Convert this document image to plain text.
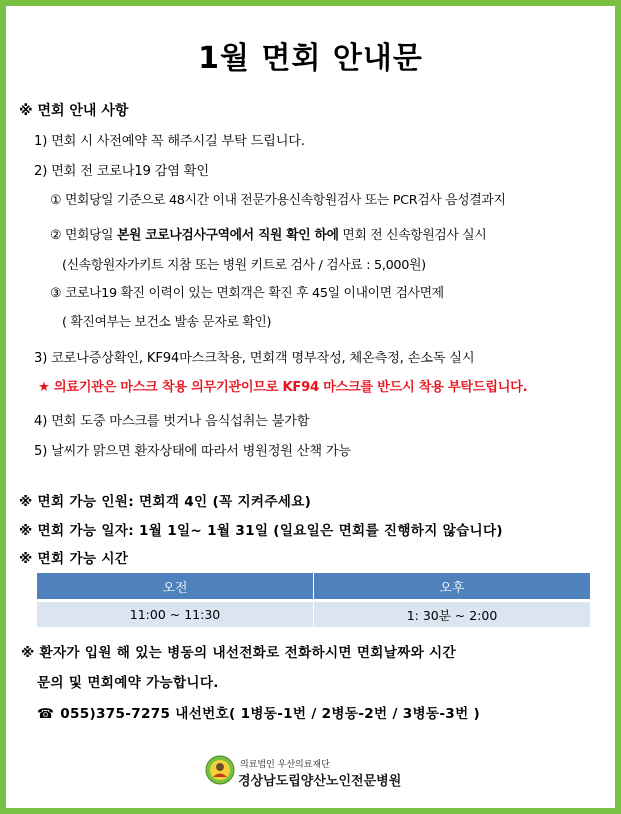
1월 면회 안내문
※ 면회 안내 사항
1) 면회 시 사전예약 꼭 해주시길 부탁 드립니다.
2) 면회 전 코로나19 감염 확인
① 면회당일 기준으로 48시간 이내 전문가용신속항원검사 또는 PCR검사 음성결과지
② 면회당일 본원 코로나검사구역에서 직원 확인 하에 면회 전 신속항원검사 실시
(신속항원자가키트 지참 또는 병원 키트로 검사 / 검사료 : 5,000원)
③ 코로나19 확진 이력이 있는 면회객은 확진 후 45일 이내이면 검사면제
( 확진여부는 보건소 발송 문자로 확인)
3) 코로나증상확인, KF94마스크착용, 면회객 명부작성, 체온측정, 손소독 실시
★ 의료기관은 마스크 착용 의무기관이므로 KF94 마스크를 반드시 착용 부탁드립니다.
4) 면회 도중 마스크를 벗거나 음식섭취는 불가함
5) 날씨가 맑으면 환자상태에 따라서 병원정원 산책 가능
※ 면회 가능 인원: 면회객 4인 (꼭 지켜주세요)
※ 면회 가능 일자: 1월 1일~ 1월 31일 (일요일은 면회를 진행하지 않습니다)
※ 면회 가능 시간
오전	오후
11:00 ~ 11:30	1: 30분 ~ 2:00
※ 환자가 입원 해 있는 병동의 내선전화로 전화하시면 면회날짜와 시간
문의 및 면회예약 가능합니다.
☎ 055)375-7275 내선번호( 1병동-1번 / 2병동-2번 / 3병동-3번 )
의료법인 우산의료재단
경상남도립양산노인전문병원
